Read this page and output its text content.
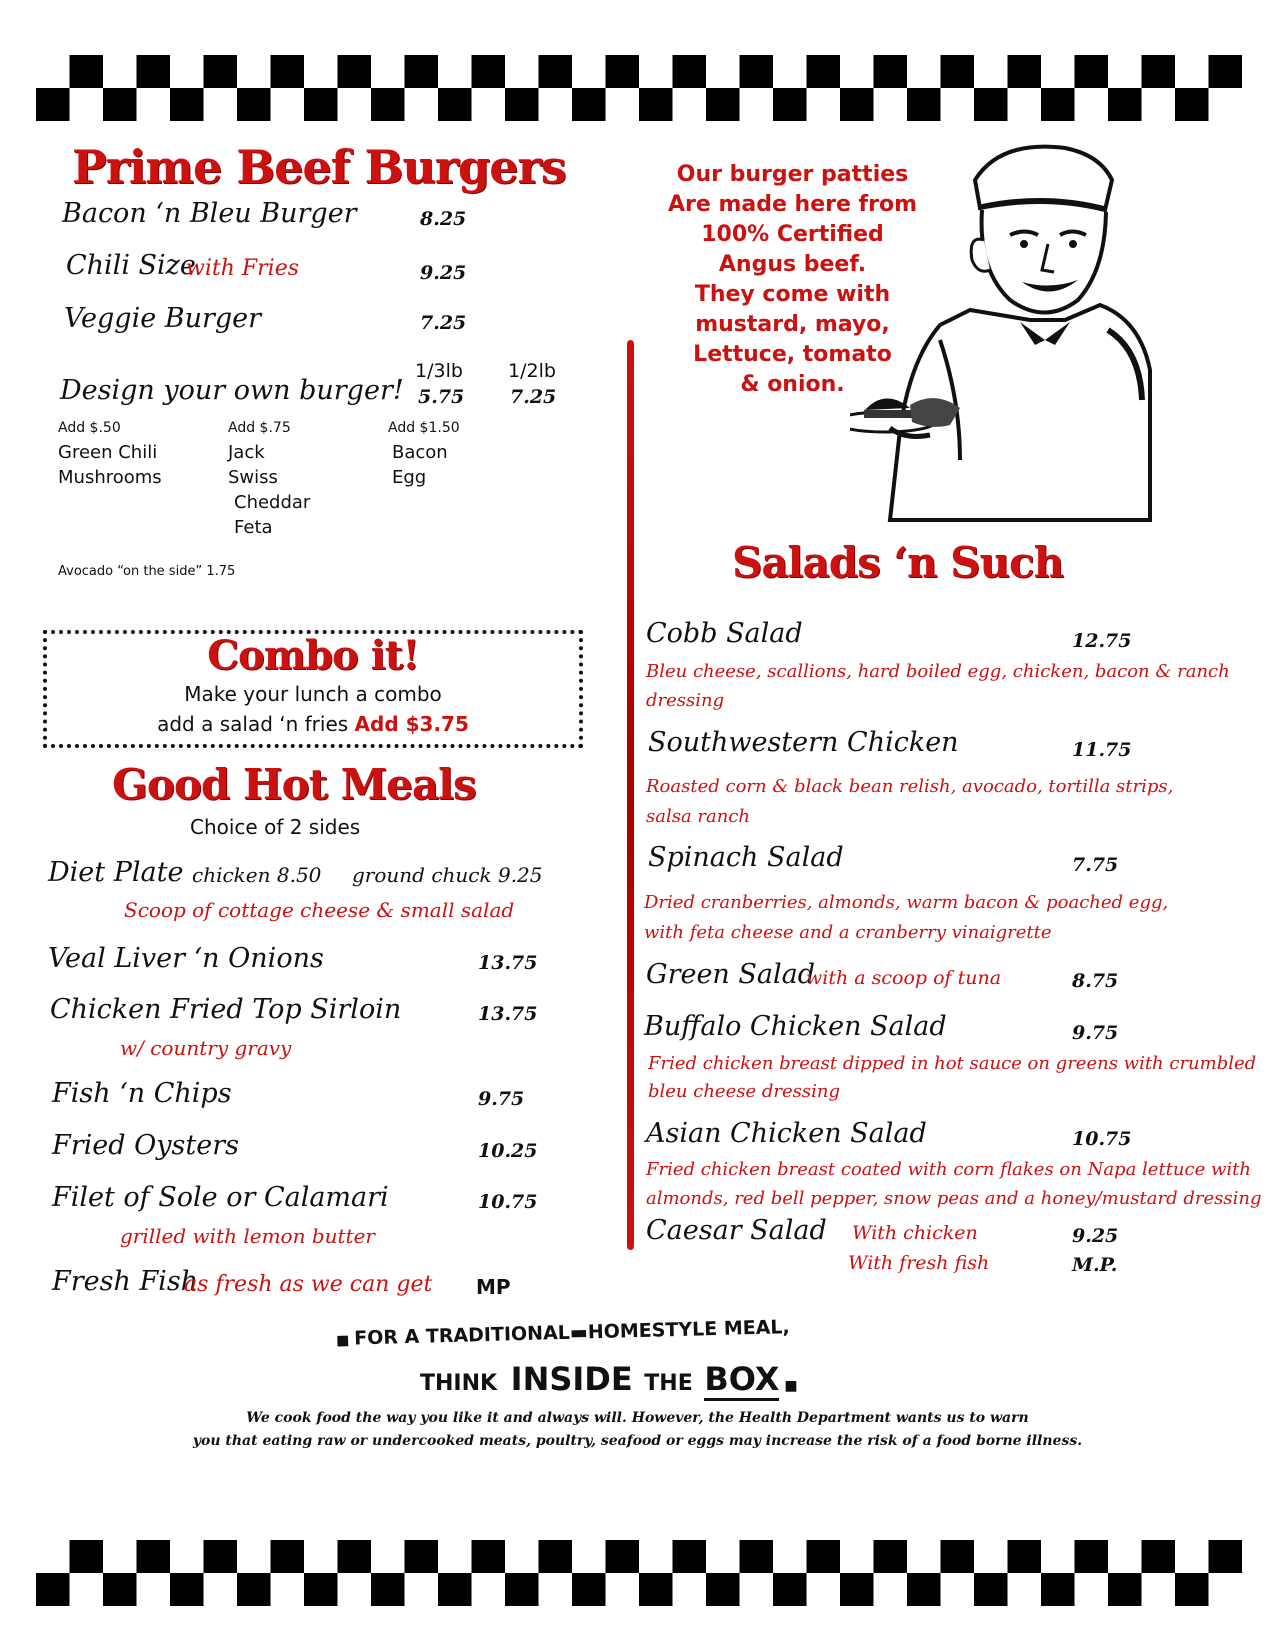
Prime Beef Burgers
Bacon ‘n Bleu Burger	8.25
Chili Size
with Fries	9.25
Veggie Burger	7.25
1/3lb 1/2lb
Design your own burger! 5.75 7.25
Add $.50
Green Chili
Mushrooms
Add $.75
Jack
Swiss
Cheddar
Feta
Add $1.50
Bacon
Egg
Avocado “on the side” 1.75
Combo it!
Make your lunch a combo
add a salad ‘n fries Add $3.75
Good Hot Meals
Choice of 2 sides
Diet Plate chicken 8.50 ground chuck 9.25
Scoop of cottage cheese & small salad
Veal Liver ‘n Onions	13.75
Chicken Fried Top Sirloin	13.75
w/ country gravy
Fish ‘n Chips	9.75
Fried Oysters	10.25
Filet of Sole or Calamari	10.75
grilled with lemon butter
Fresh Fish
as fresh as we can get MP
Our burger patties
Are made here from
100% Certified
Angus beef.
They come with
mustard, mayo,
Lettuce, tomato
& onion.
Salads ‘n Such
Cobb Salad	12.75
Bleu cheese, scallions, hard boiled egg, chicken, bacon & ranch
dressing
Southwestern Chicken	11.75
Roasted corn & black bean relish, avocado, tortilla strips,
salsa ranch
Spinach Salad	7.75
Dried cranberries, almonds, warm bacon & poached egg,
with feta cheese and a cranberry vinaigrette
Green Salad
with a scoop of tuna	8.75
Buffalo Chicken Salad	9.75
Fried chicken breast dipped in hot sauce on greens with crumbled
bleu cheese dressing
Asian Chicken Salad	10.75
Fried chicken breast coated with corn flakes on Napa lettuce with
almonds, red bell pepper, snow peas and a honey/mustard dressing
Caesar Salad With chicken	9.25
With fresh fish	M.P.
■ FOR A TRADITIONAL▬HOMESTYLE MEAL,
THINK INSIDE THE BOX ■
We cook food the way you like it and always will. However, the Health Department wants us to warn
you that eating raw or undercooked meats, poultry, seafood or eggs may increase the risk of a food borne illness.
